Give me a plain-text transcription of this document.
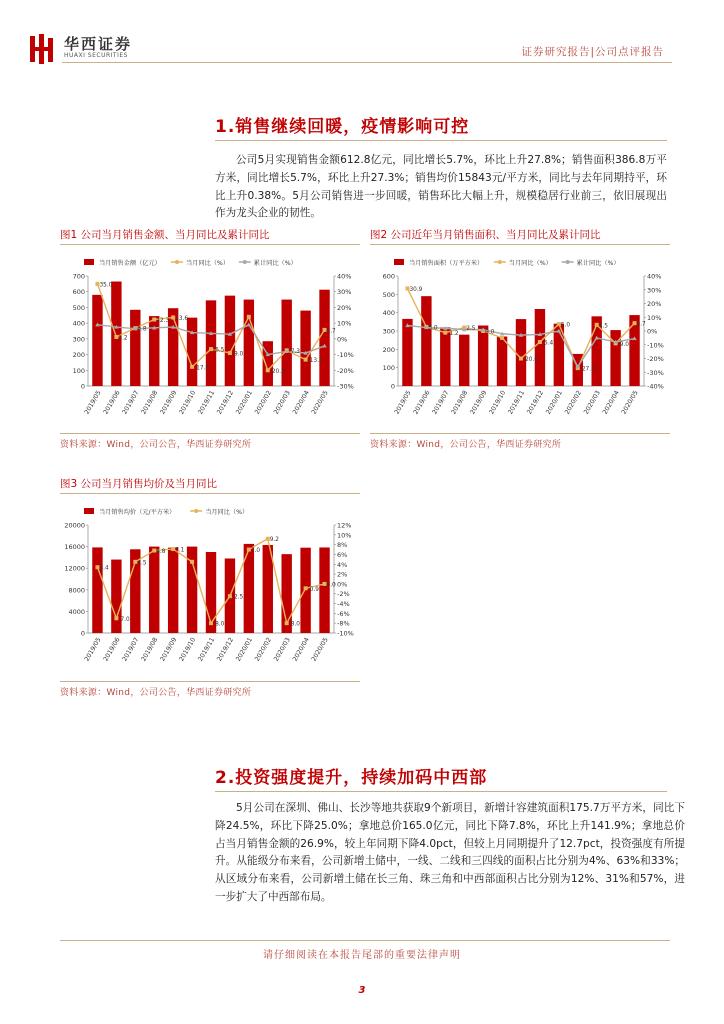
华西证券
HUAXI SECURITIES	证券研究报告|公司点评报告
1.销售继续回暖，疫情影响可控
公司5月实现销售金额612.8亿元，同比增长5.7%，环比上升27.8%；销售面积386.8万平方米，同比增长5.7%，环比上升27.3%；销售均价15843元/平方米，同比与去年同期持平，环比上升0.38%。5月公司销售进一步回暖，销售环比大幅上升，规模稳居行业前三，依旧展现出作为龙头企业的韧性。
图1 公司当月销售金额、当月同比及累计同比
当月销售金额（亿元）	当月同比（%）	累计同比（%）
0
100
200
300
400
500
600
700	40%
30%
20%
10%
0%
-10%
-20%
-30%
35.0
1.2
6.8
12.3 13.6
-17.8
-6.5
-9.0
-20.0
-7.3
-13.2
5.7
2019/05 2019/06 2019/07 2019/08 2019/09 2019/10 2019/11 2019/12 2020/01 2020/02 2020/03 2020/04 2020/05
资料来源：Wind，公司公告，华西证券研究所
图2 公司近年当月销售面积、当月同比及累计同比
当月销售面积（万平方米）	当月同比（%）	累计同比（%）
0
100
200
300
400
500
600	40%
30%
20%
10%
0%
-10%
-20%
-30%
-40%
30.9
3.0
-1.2
2.5
0.0
-20.0
-5.4
5.0
-27.0
4.5
-9.0
5.7
2019/05 2019/06 2019/07 2019/08 2019/09 2019/10 2019/11 2019/12 2020/01 2020/02 2020/03 2020/04 2020/05
资料来源：Wind，公司公告，华西证券研究所
图3 公司当月销售均价及当月同比
当月销售均价（元/平方米）	当月同比（%）
0
4000
8000
12000
16000
20000	12%
10%
8%
6%
4%
2%
0%
-2%
-4%
-6%
-8%
-10%
3.4
-7.0
4.5
6.8 7.1
-8.0
-2.5
7.0
9.2
-8.0
-0.9
0.0
2019/05 2019/06 2019/07 2019/08 2019/09 2019/10 2019/11 2019/12 2020/01 2020/02 2020/03 2020/04 2020/05
资料来源：Wind，公司公告，华西证券研究所
2.投资强度提升，持续加码中西部
5月公司在深圳、佛山、长沙等地共获取9个新项目，新增计容建筑面积175.7万平方米，同比下降24.5%，环比下降25.0%；拿地总价165.0亿元，同比下降7.8%，环比上升141.9%；拿地总价占当月销售金额的26.9%，较上年同期下降4.0pct，但较上月同期提升了12.7pct，投资强度有所提升。从能级分布来看，公司新增土储中，一线、二线和三四线的面积占比分别为4%、63%和33%；从区域分布来看，公司新增土储在长三角、珠三角和中西部面积占比分别为12%、31%和57%，进一步扩大了中西部布局。
请仔细阅读在本报告尾部的重要法律声明
3
